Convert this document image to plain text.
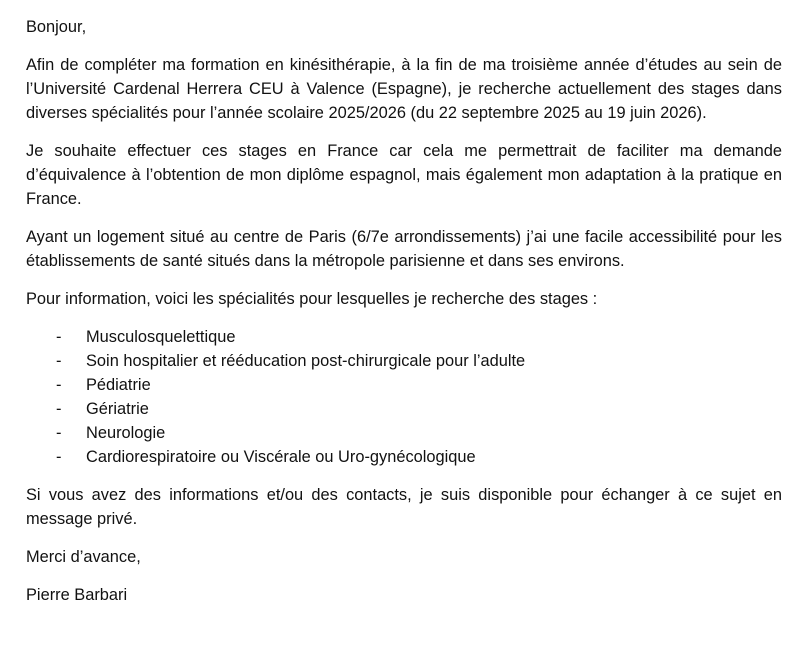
Bonjour,

Afin de compléter ma formation en kinésithérapie, à la fin de ma troisième année d’études au sein de l’Université Cardenal Herrera CEU à Valence (Espagne), je recherche actuellement des stages dans diverses spécialités pour l’année scolaire 2025/2026 (du 22 septembre 2025 au 19 juin 2026).

Je souhaite effectuer ces stages en France car cela me permettrait de faciliter ma demande d’équivalence à l’obtention de mon diplôme espagnol, mais également mon adaptation à la pratique en France.

Ayant un logement situé au centre de Paris (6/7e arrondissements) j’ai une facile accessibilité pour les établissements de santé situés dans la métropole parisienne et dans ses environs.

Pour information, voici les spécialités pour lesquelles je recherche des stages :

- Musculosquelettique
- Soin hospitalier et rééducation post-chirurgicale pour l’adulte
- Pédiatrie
- Gériatrie
- Neurologie
- Cardiorespiratoire ou Viscérale ou Uro-gynécologique

Si vous avez des informations et/ou des contacts, je suis disponible pour échanger à ce sujet en message privé.

Merci d’avance,

Pierre Barbari
